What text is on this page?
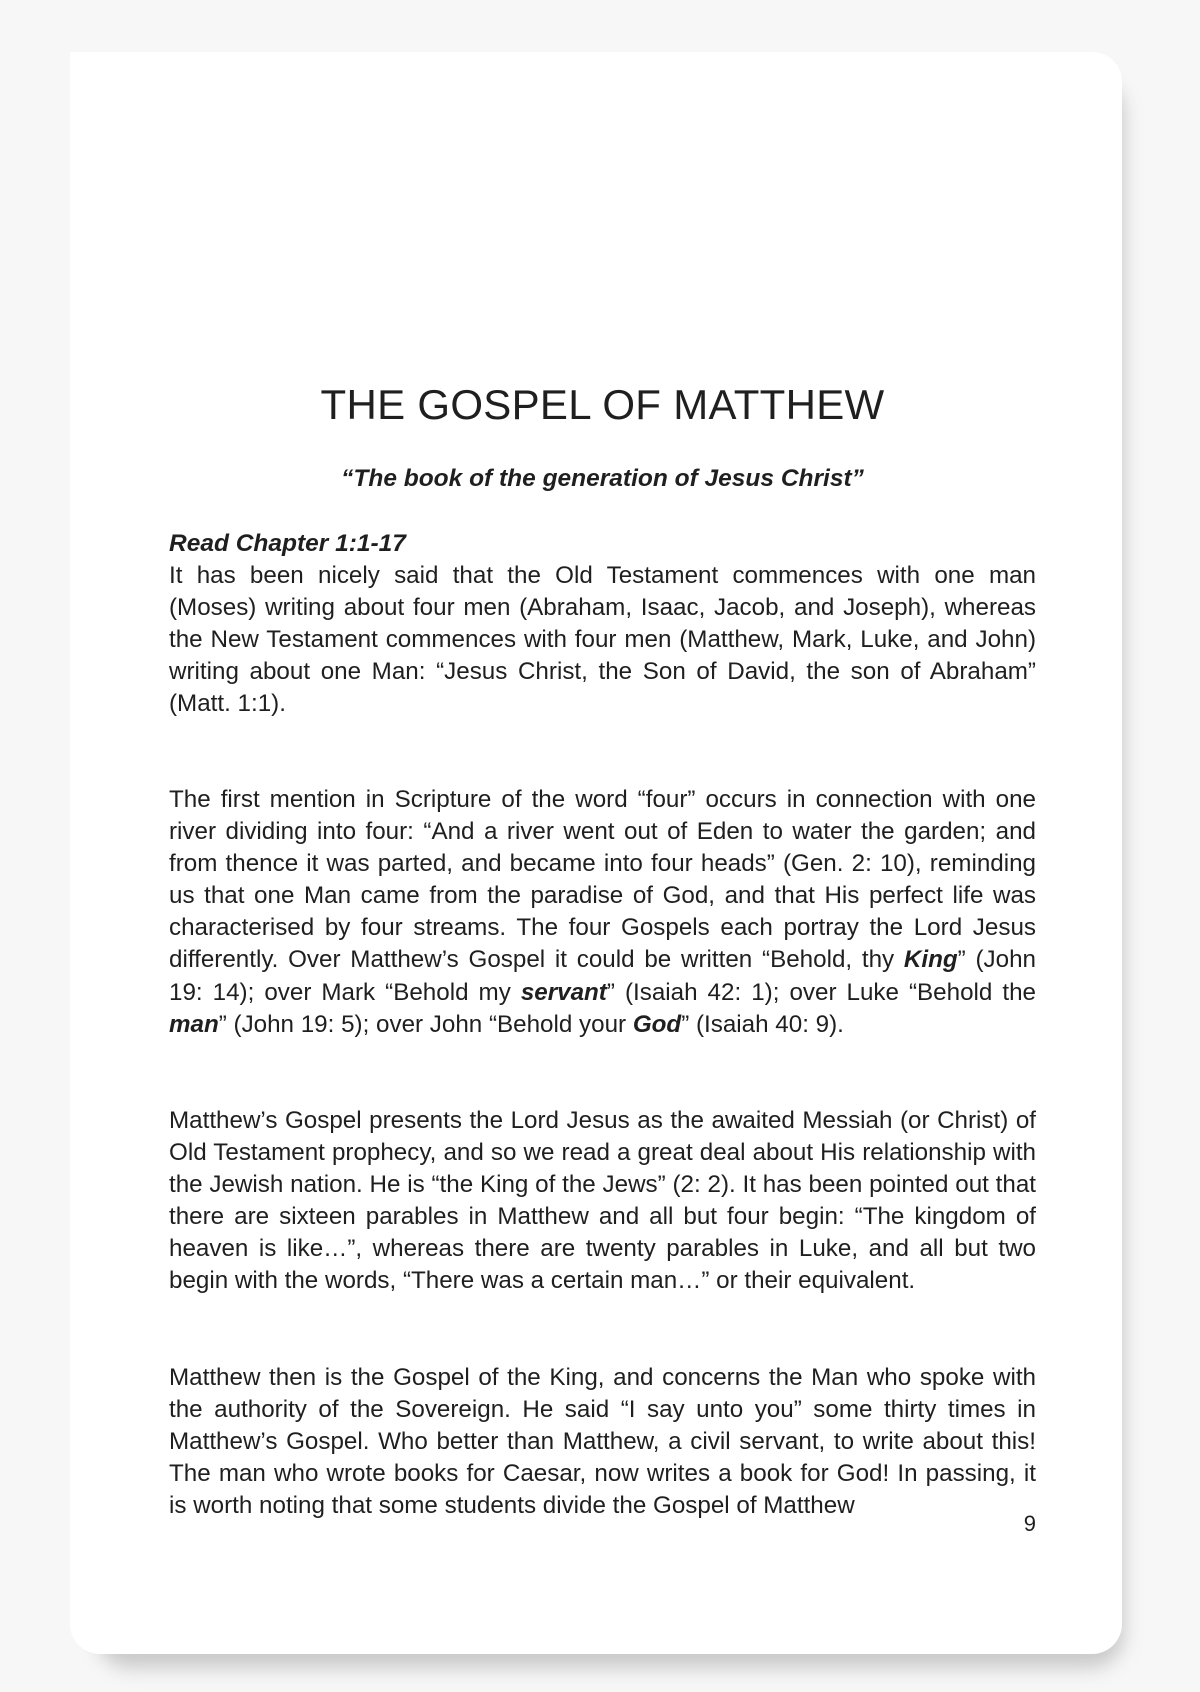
THE GOSPEL OF MATTHEW

“The book of the generation of Jesus Christ”

Read Chapter 1:1-17

It has been nicely said that the Old Testament commences with one man (Moses) writing about four men (Abraham, Isaac, Jacob, and Joseph), whereas the New Testament commences with four men (Matthew, Mark, Luke, and John) writing about one Man: “Jesus Christ, the Son of David, the son of Abraham” (Matt. 1:1).

The first mention in Scripture of the word “four” occurs in connection with one river dividing into four: “And a river went out of Eden to water the garden; and from thence it was parted, and became into four heads” (Gen. 2: 10), reminding us that one Man came from the paradise of God, and that His perfect life was characterised by four streams. The four Gospels each portray the Lord Jesus differently. Over Matthew’s Gospel it could be written “Behold, thy King” (John 19: 14); over Mark “Behold my servant” (Isaiah 42: 1); over Luke “Behold the man” (John 19: 5); over John “Behold your God” (Isaiah 40: 9).

Matthew’s Gospel presents the Lord Jesus as the awaited Messiah (or Christ) of Old Testament prophecy, and so we read a great deal about His relationship with the Jewish nation. He is “the King of the Jews” (2: 2). It has been pointed out that there are sixteen parables in Matthew and all but four begin: “The kingdom of heaven is like…”, whereas there are twenty parables in Luke, and all but two begin with the words, “There was a certain man…” or their equivalent.

Matthew then is the Gospel of the King, and concerns the Man who spoke with the authority of the Sovereign. He said “I say unto you” some thirty times in Matthew’s Gospel. Who better than Matthew, a civil servant, to write about this! The man who wrote books for Caesar, now writes a book for God! In passing, it is worth noting that some students divide the Gospel of Matthew

9
